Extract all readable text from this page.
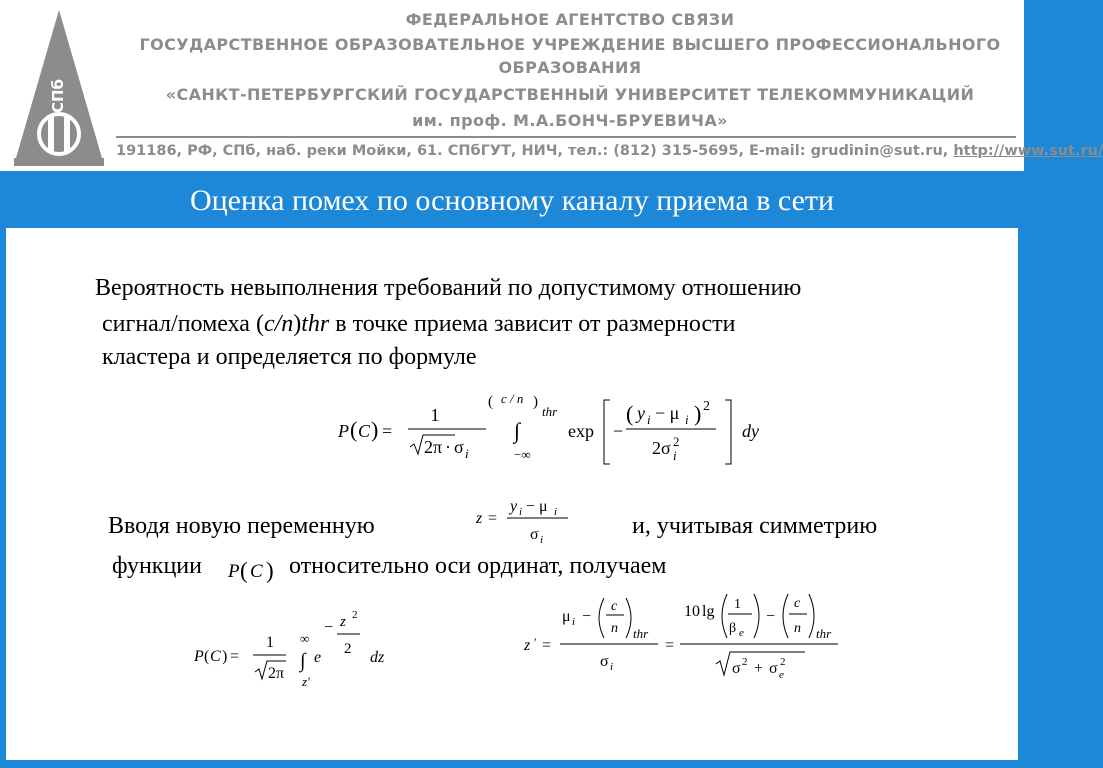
СПб
ФЕДЕРАЛЬНОЕ АГЕНТСТВО СВЯЗИ
ГОСУДАРСТВЕННОЕ ОБРАЗОВАТЕЛЬНОЕ УЧРЕЖДЕНИЕ ВЫСШЕГО ПРОФЕССИОНАЛЬНОГО
ОБРАЗОВАНИЯ
«САНКТ-ПЕТЕРБУРГСКИЙ ГОСУДАРСТВЕННЫЙ УНИВЕРСИТЕТ ТЕЛЕКОММУНИКАЦИЙ
им. проф. М.А.БОНЧ-БРУЕВИЧА»
191186, РФ, СПб, наб. реки Мойки, 61. СПбГУТ, НИЧ, тел.: (812) 315-5695, E-mail: grudinin@sut.ru, http://www.sut.ru/
Оценка помех по основному каналу приема в сети
Вероятность невыполнения требований по допустимому отношению
сигнал/помеха (c/n)thr в точке приема зависит от размерности
кластера и определяется по формуле
P ( C ) =
1
2π · σ i
( c / n )
thr
∫
−∞
exp −
( y i − μ i ) 2
2σ 2
i
dy
Вводя новую переменную	z =
y i − μ i
σ i
и, учитывая симметрию
функции P ( C ) относительно оси ординат, получаем
P ( C ) =
1
2π
∞
∫
z′
e
− z 2
2 dz
z ′ =
μ i −
c
n thr
σ i
=
10 lg 1
β e
−
c
n thr
σ 2 + σ 2
e
